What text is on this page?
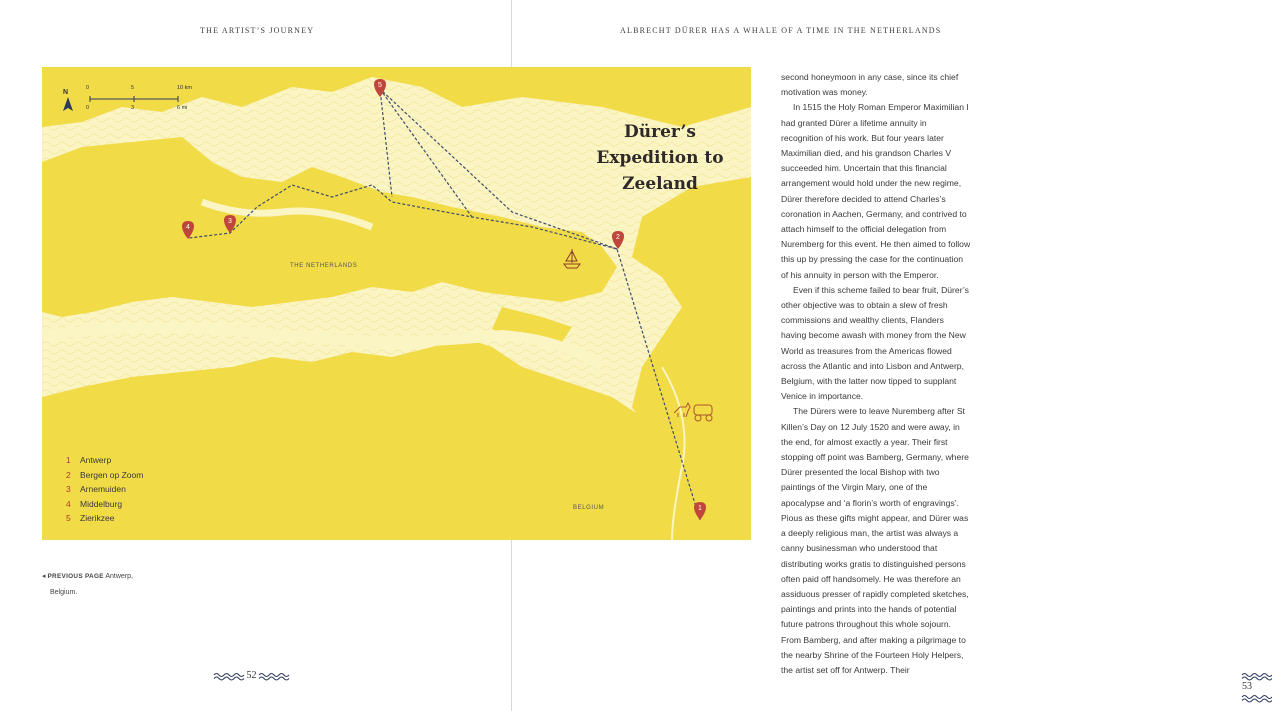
THE ARTIST’S JOURNEY
◂ PREVIOUS PAGE Antwerp,
Belgium.
52
ALBRECHT DÜRER HAS A WHALE OF A TIME IN THE NETHERLANDS
53
1
2
3
4
5
0	5	10 km
0	3	6 mi
N
THE NETHERLANDS
BELGIUM
Dürer’s
Expedition to
Zeeland
1 Antwerp
2 Bergen op Zoom
3 Arnemuiden
4 Middelburg
5 Zierikzee

second honeymoon in any case, since its chief motivation was money.

In 1515 the Holy Roman Emperor Maximilian I had granted Dürer a lifetime annuity in recognition of his work. But four years later Maximilian died, and his grandson Charles V succeeded him. Uncertain that this financial arrangement would hold under the new regime, Dürer therefore decided to attend Charles’s coronation in Aachen, Germany, and contrived to attach himself to the official delegation from Nuremberg for this event. He then aimed to follow this up by pressing the case for the continuation of his annuity in person with the Emperor.

Even if this scheme failed to bear fruit, Dürer’s other objective was to obtain a slew of fresh commissions and wealthy clients, Flanders having become awash with money from the New World as treasures from the Americas flowed across the Atlantic and into Lisbon and Antwerp, Belgium, with the latter now tipped to supplant Venice in importance.

The Dürers were to leave Nuremberg after St Killen’s Day on 12 July 1520 and were away, in the end, for almost exactly a year. Their first stopping off point was Bamberg, Germany, where Dürer presented the local Bishop with two paintings of the Virgin Mary, one of the apocalypse and ‘a florin’s worth of engravings’. Pious as these gifts might appear, and Dürer was a deeply religious man, the artist was always a canny businessman who understood that distributing works gratis to distinguished persons often paid off handsomely. He was therefore an assiduous presser of rapidly completed sketches, paintings and prints into the hands of potential future patrons throughout this whole sojourn. From Bamberg, and after making a pilgrimage to the nearby Shrine of the Fourteen Holy Helpers, the artist set off for Antwerp. Their
